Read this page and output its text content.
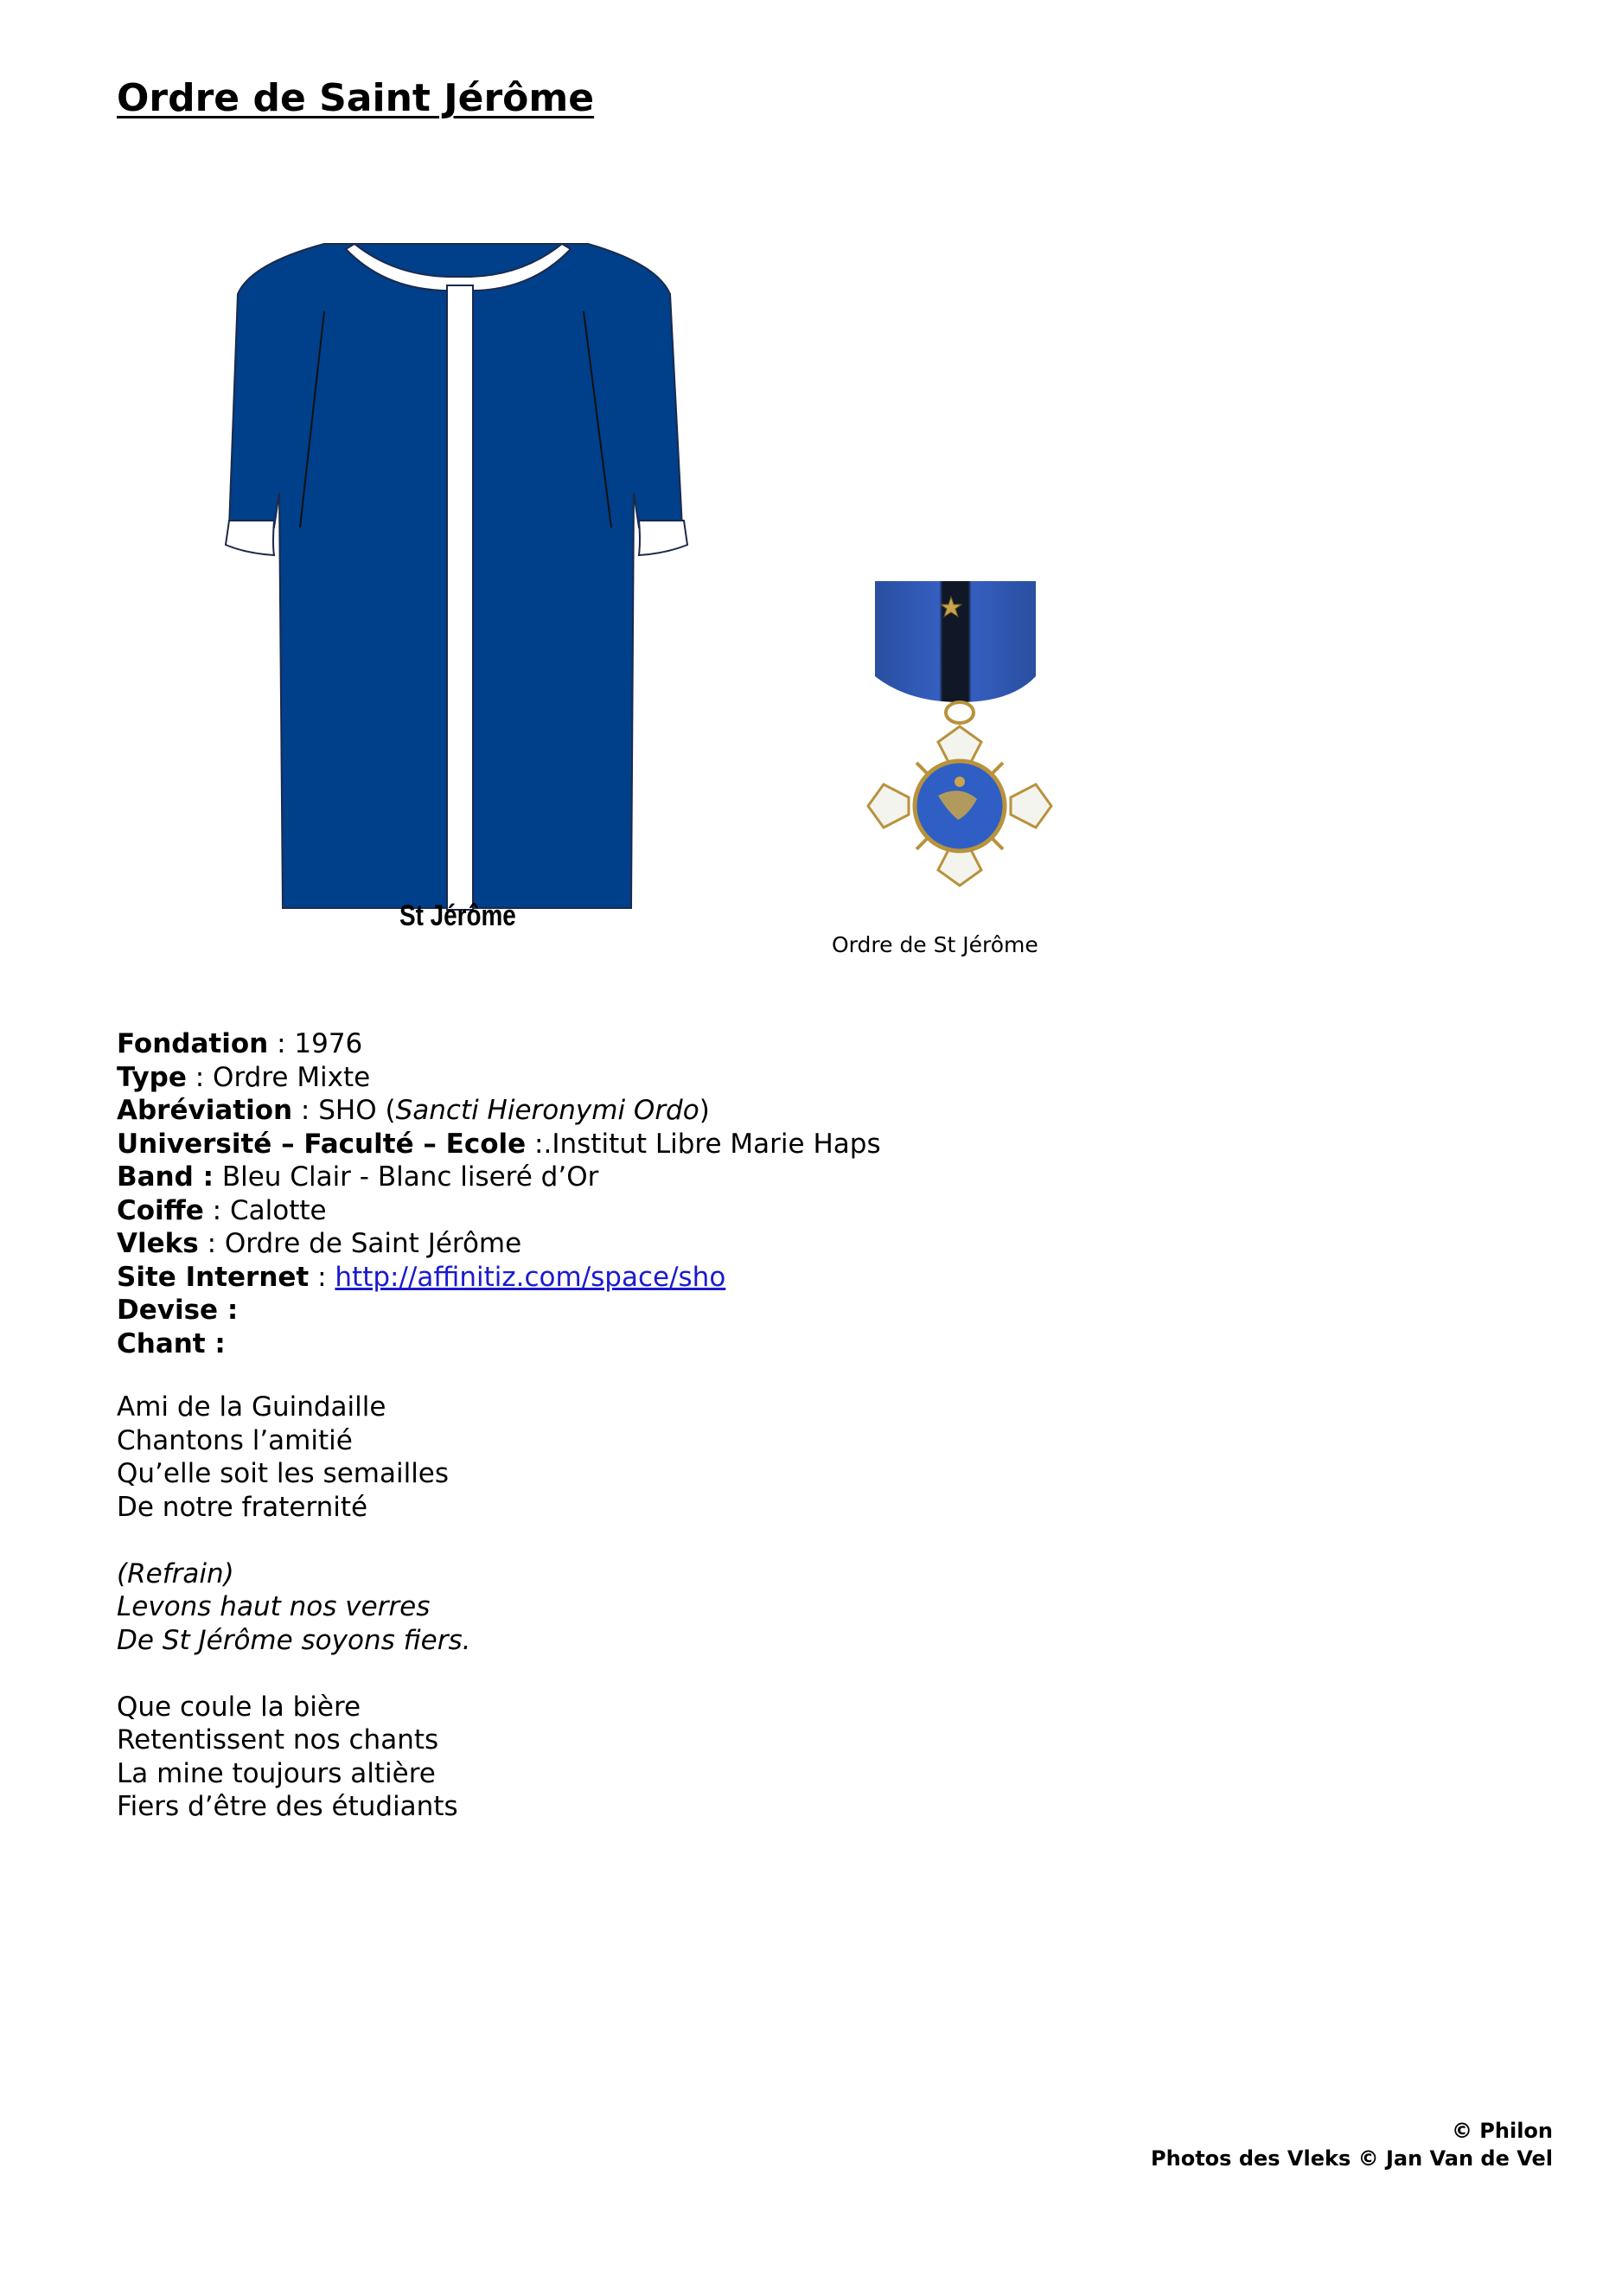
Ordre de Saint Jérôme
St Jérôme
Ordre de St Jérôme
Fondation : 1976
Type : Ordre Mixte
Abréviation : SHO (Sancti Hieronymi Ordo)
Université – Faculté – Ecole :.Institut Libre Marie Haps
Band : Bleu Clair - Blanc liseré d’Or
Coiffe : Calotte
Vleks : Ordre de Saint Jérôme
Site Internet : http://affinitiz.com/space/sho
Devise :
Chant :
Ami de la Guindaille
Chantons l’amitié
Qu’elle soit les semailles
De notre fraternité
(Refrain)
Levons haut nos verres
De St Jérôme soyons fiers.
Que coule la bière
Retentissent nos chants
La mine toujours altière
Fiers d’être des étudiants
© Philon
Photos des Vleks © Jan Van de Vel
